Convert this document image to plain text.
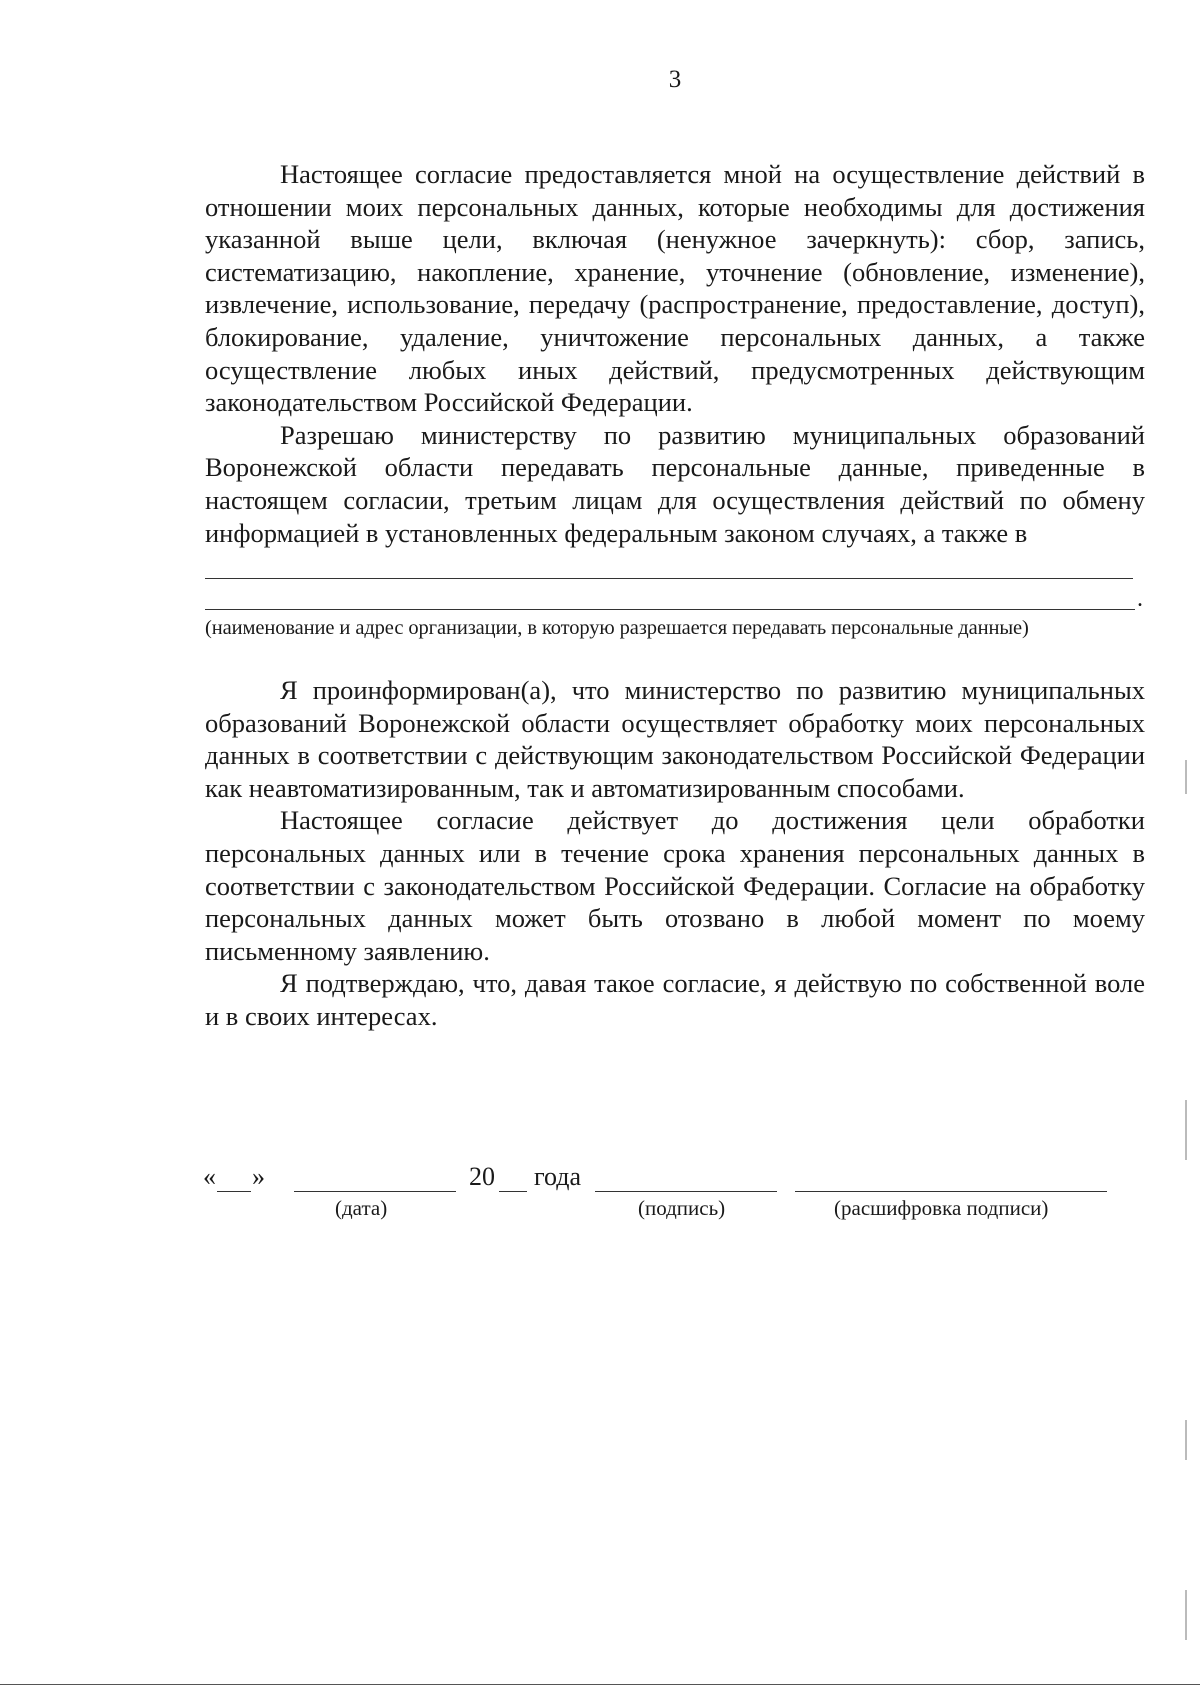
3

Настоящее согласие предоставляется мной на осуществление действий в отношении моих персональных данных, которые необходимы для достижения указанной выше цели, включая (ненужное зачеркнуть): сбор, запись, систематизацию, накопление, хранение, уточнение (обновление, изменение), извлечение, использование, передачу (распространение, предоставление, доступ), блокирование, удаление, уничтожение персональных данных, а также осуществление любых иных действий, предусмотренных действующим законодательством Российской Федерации.

Разрешаю министерству по развитию муниципальных образований Воронежской области передавать персональные данные, приведенные в настоящем согласии, третьим лицам для осуществления действий по обмену информацией в установленных федеральным законом случаях, а также в

.
(наименование и адрес организации, в которую разрешается передавать персональные данные)

Я проинформирован(а), что министерство по развитию муниципальных образований Воронежской области осуществляет обработку моих персональных данных в соответствии с действующим законодательством Российской Федерации как неавтоматизированным, так и автоматизированным способами.

Настоящее согласие действует до достижения цели обработки персональных данных или в течение срока хранения персональных данных в соответствии с законодательством Российской Федерации. Согласие на обработку персональных данных может быть отозвано в любой момент по моему письменному заявлению.

Я подтверждаю, что, давая такое согласие, я действую по собственной воле и в своих интересах.

« »	20 года
(дата)	(подпись)	(расшифровка подписи)
